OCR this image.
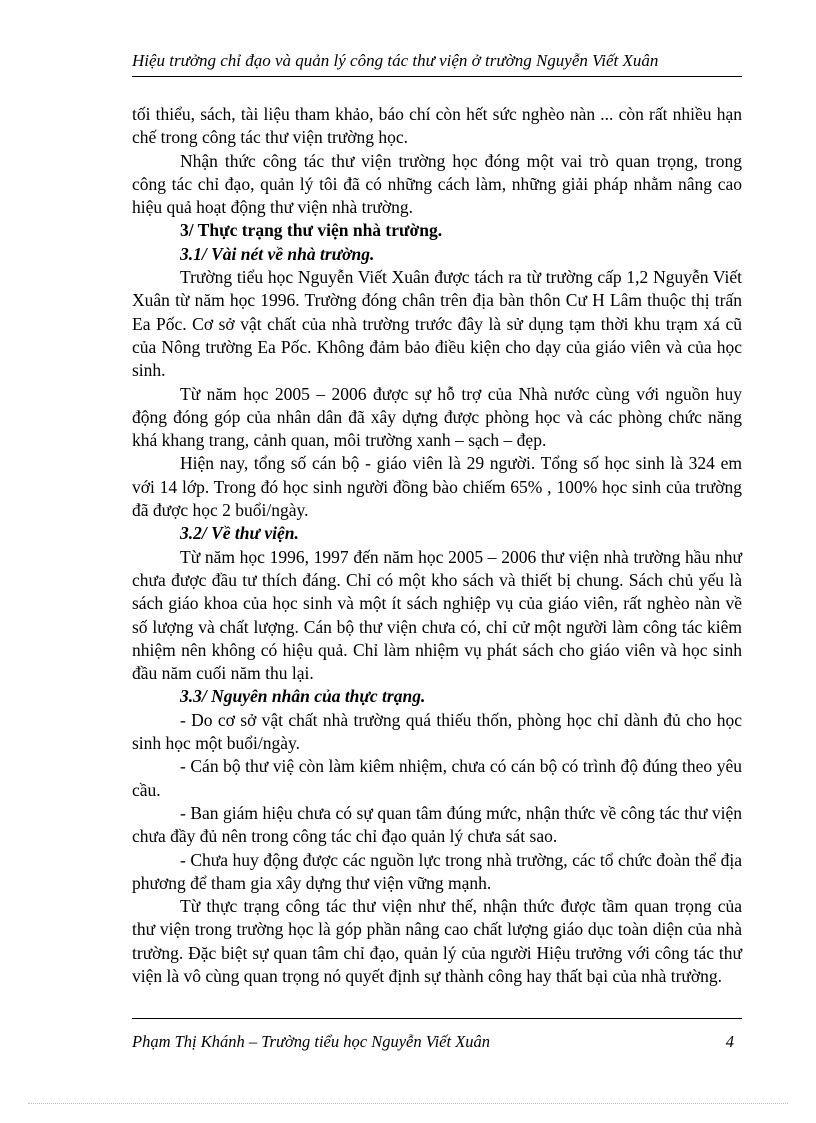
Hiệu trưởng chỉ đạo và quản lý công tác thư viện ở trường Nguyễn Viết Xuân

tối thiểu, sách, tài liệu tham khảo, báo chí còn hết sức nghèo nàn ... còn rất nhiều hạn chế trong công tác thư viện trường học.

Nhận thức công tác thư viện trường học đóng một vai trò quan trọng, trong công tác chỉ đạo, quản lý tôi đã có những cách làm, những giải pháp nhằm nâng cao hiệu quả hoạt động thư viện nhà trường.

3/ Thực trạng thư viện nhà trường.

3.1/ Vài nét về nhà trường.

Trường tiểu học Nguyễn Viết Xuân được tách ra từ trường cấp 1,2 Nguyễn Viết Xuân từ năm học 1996. Trường đóng chân trên địa bàn thôn Cư H Lâm thuộc thị trấn Ea Pốc. Cơ sở vật chất của nhà trường trước đây là sử dụng tạm thời khu trạm xá cũ của Nông trường Ea Pốc. Không đảm bảo điều kiện cho dạy của giáo viên và của học sinh.

Từ năm học 2005 – 2006 được sự hỗ trợ của Nhà nước cùng với nguồn huy động đóng góp của nhân dân đã xây dựng được phòng học và các phòng chức năng khá khang trang, cảnh quan, môi trường xanh – sạch – đẹp.

Hiện nay, tổng số cán bộ - giáo viên là 29 người. Tổng số học sinh là 324 em với 14 lớp. Trong đó học sinh người đồng bào chiếm 65% , 100% học sinh của trường đã được học 2 buổi/ngày.

3.2/ Về thư viện.

Từ năm học 1996, 1997 đến năm học 2005 – 2006 thư viện nhà trường hầu như chưa được đầu tư thích đáng. Chỉ có một kho sách và thiết bị chung. Sách chủ yếu là sách giáo khoa của học sinh và một ít sách nghiệp vụ của giáo viên, rất nghèo nàn về số lượng và chất lượng. Cán bộ thư viện chưa có, chỉ cử một người làm công tác kiêm nhiệm nên không có hiệu quả. Chỉ làm nhiệm vụ phát sách cho giáo viên và học sinh đầu năm cuối năm thu lại.

3.3/ Nguyên nhân của thực trạng.

- Do cơ sở vật chất nhà trường quá thiếu thốn, phòng học chỉ dành đủ cho học sinh học một buổi/ngày.

- Cán bộ thư việ còn làm kiêm nhiệm, chưa có cán bộ có trình độ đúng theo yêu cầu.

- Ban giám hiệu chưa có sự quan tâm đúng mức, nhận thức về công tác thư viện chưa đầy đủ nên trong công tác chỉ đạo quản lý chưa sát sao.

- Chưa huy động được các nguồn lực trong nhà trường, các tổ chức đoàn thể địa phương để tham gia xây dựng thư viện vững mạnh.

Từ thực trạng công tác thư viện như thế, nhận thức được tầm quan trọng của thư viện trong trường học là góp phần nâng cao chất lượng giáo dục toàn diện của nhà trường. Đặc biệt sự quan tâm chỉ đạo, quản lý của người Hiệu trưởng với công tác thư viện là vô cùng quan trọng nó quyết định sự thành công hay thất bại của nhà trường.

Phạm Thị Khánh – Trường tiểu học Nguyễn Viết Xuân	4
